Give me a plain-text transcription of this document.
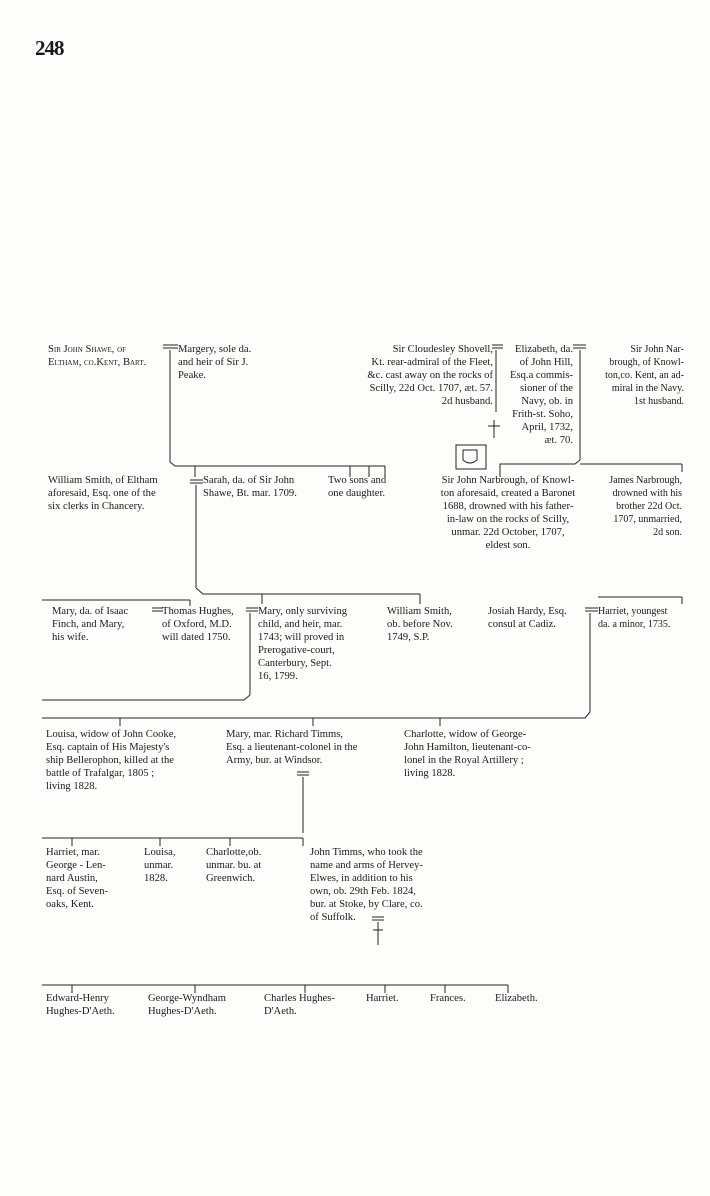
248
Sir John Shawe, of
Eltham, co.Kent, Bart.
Margery, sole da.
and heir of Sir J.
Peake.
Sir Cloudesley Shovell,
Kt. rear-admiral of the Fleet,
&c. cast away on the rocks of
Scilly, 22d Oct. 1707, æt. 57.
2d husband.
Elizabeth, da.
of John Hill,
Esq.a commis-
sioner of the
Navy, ob. in
Frith-st. Soho,
April, 1732,
æt. 70.
Sir John Nar-
brough, of Knowl-
ton,co. Kent, an ad-
miral in the Navy.
1st husband.
William Smith, of Eltham
aforesaid, Esq. one of the
six clerks in Chancery.
Sarah, da. of Sir John
Shawe, Bt. mar. 1709.
Two sons and
one daughter.
Sir John Narbrough, of Knowl-
ton aforesaid, created a Baronet
1688, drowned with his father-
in-law on the rocks of Scilly,
unmar. 22d October, 1707,
eldest son.
James Narbrough,
drowned with his
brother 22d Oct.
1707, unmarried,
2d son.
Mary, da. of Isaac
Finch, and Mary,
his wife.
Thomas Hughes,
of Oxford, M.D.
will dated 1750.
Mary, only surviving
child, and heir, mar.
1743; will proved in
Prerogative-court,
Canterbury, Sept.
16, 1799.
William Smith,
ob. before Nov.
1749, S.P.
Josiah Hardy, Esq.
consul at Cadiz.
Harriet, youngest
da. a minor, 1735.
Louisa, widow of John Cooke,
Esq. captain of His Majesty's
ship Bellerophon, killed at the
battle of Trafalgar, 1805 ;
living 1828.
Mary, mar. Richard Timms,
Esq. a lieutenant-colonel in the
Army, bur. at Windsor.
Charlotte, widow of George-
John Hamilton, lieutenant-co-
lonel in the Royal Artillery ;
living 1828.
Harriet, mar.
George - Len-
nard Austin,
Esq. of Seven-
oaks, Kent.
Louisa,
unmar.
1828.
Charlotte,ob.
unmar. bu. at
Greenwich.
John Timms, who took the
name and arms of Hervey-
Elwes, in addition to his
own, ob. 29th Feb. 1824,
bur. at Stoke, by Clare, co.
of Suffolk.
Edward-Henry
Hughes-D'Aeth.
George-Wyndham
Hughes-D'Aeth.
Charles Hughes-
D'Aeth.
Harriet.	Frances.	Elizabeth.
